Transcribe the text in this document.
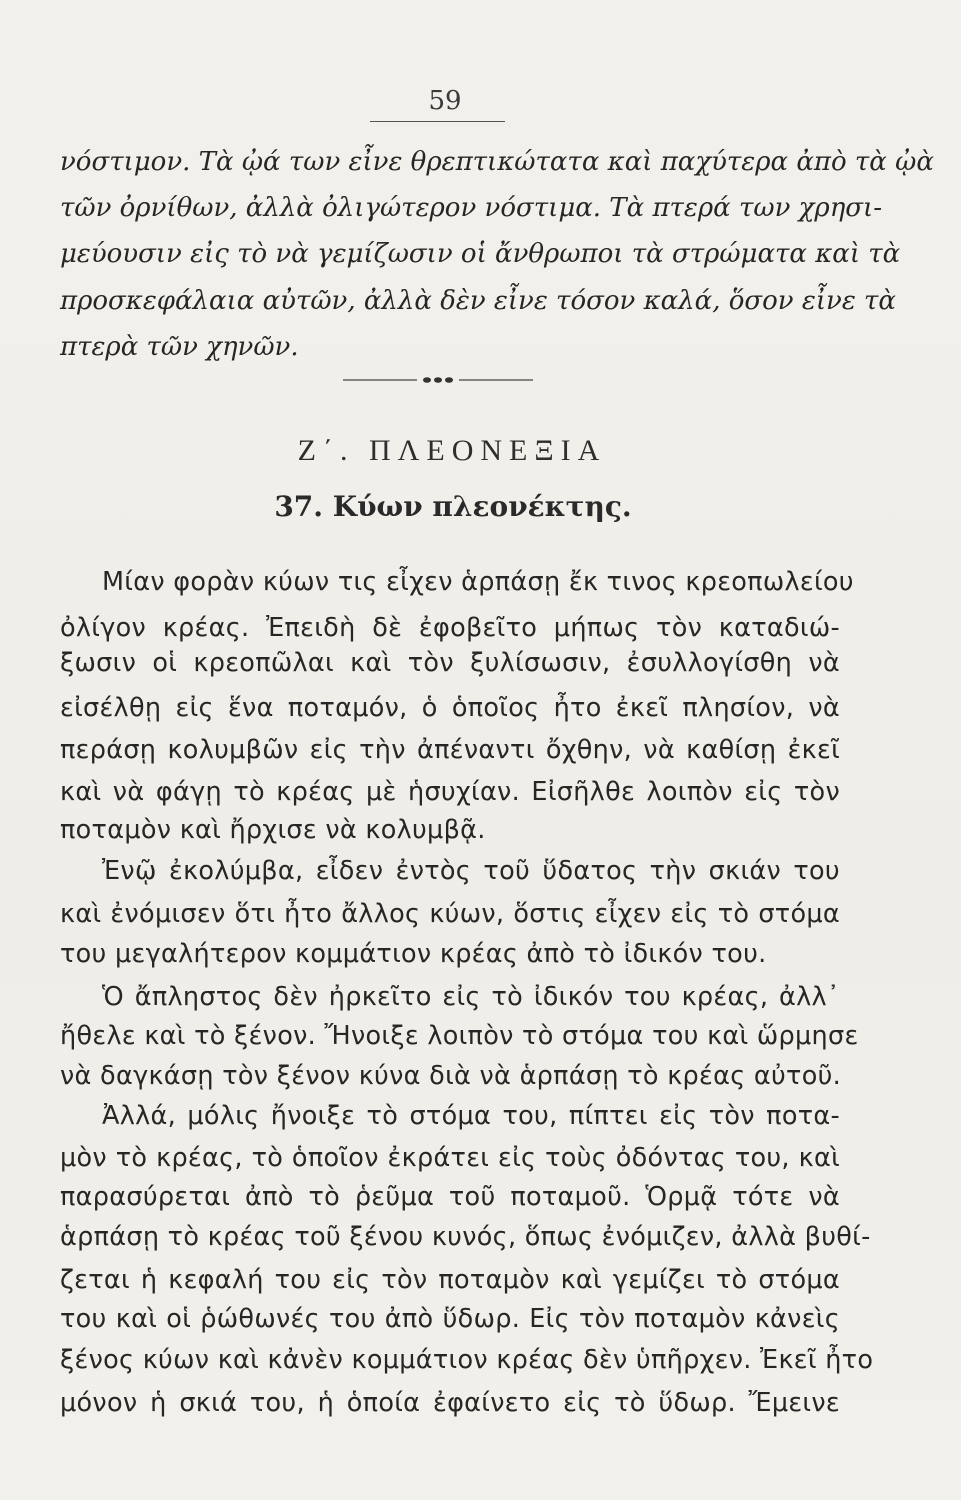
59
νόστιμον. Τὰ ᾠά των εἶνε θρεπτικώτατα καὶ παχύτερα ἀπὸ τὰ ᾠὰ
τῶν ὀρνίθων, ἀλλὰ ὀλιγώτερον νόστιμα. Τὰ πτερά των χρησι-
μεύουσιν εἰς τὸ νὰ γεμίζωσιν οἱ ἄνθρωποι τὰ στρώματα καὶ τὰ
προσκεφάλαια αὐτῶν, ἀλλὰ δὲν εἶνε τόσον καλά, ὅσον εἶνε τὰ
πτερὰ τῶν χηνῶν.
Ζ΄. ΠΛΕΟΝΕΞΙΑ
37. Κύων πλεονέκτης.
Μίαν φορὰν κύων τις εἶχεν ἁρπάσῃ ἔκ τινος κρεοπωλείου
ὀλίγον κρέας. Ἐπειδὴ δὲ ἐφοβεῖτο μήπως τὸν καταδιώ-
ξωσιν οἱ κρεοπῶλαι καὶ τὸν ξυλίσωσιν, ἐσυλλογίσθη νὰ
εἰσέλθῃ εἰς ἕνα ποταμόν, ὁ ὁποῖος ἦτο ἐκεῖ πλησίον, νὰ
περάσῃ κολυμβῶν εἰς τὴν ἀπέναντι ὄχθην, νὰ καθίσῃ ἐκεῖ
καὶ νὰ φάγῃ τὸ κρέας μὲ ἡσυχίαν. Εἰσῆλθε λοιπὸν εἰς τὸν
ποταμὸν καὶ ἤρχισε νὰ κολυμβᾷ.
Ἐνῷ ἐκολύμβα, εἶδεν ἐντὸς τοῦ ὕδατος τὴν σκιάν του
καὶ ἐνόμισεν ὅτι ἦτο ἄλλος κύων, ὅστις εἶχεν εἰς τὸ στόμα
του μεγαλήτερον κομμάτιον κρέας ἀπὸ τὸ ἰδικόν του.
Ὁ ἄπληστος δὲν ἠρκεῖτο εἰς τὸ ἰδικόν του κρέας, ἀλλ᾽
ἤθελε καὶ τὸ ξένον. Ἤνοιξε λοιπὸν τὸ στόμα του καὶ ὥρμησε
νὰ δαγκάσῃ τὸν ξένον κύνα διὰ νὰ ἁρπάσῃ τὸ κρέας αὐτοῦ.
Ἀλλά, μόλις ἤνοιξε τὸ στόμα του, πίπτει εἰς τὸν ποτα-
μὸν τὸ κρέας, τὸ ὁποῖον ἐκράτει εἰς τοὺς ὀδόντας του, καὶ
παρασύρεται ἀπὸ τὸ ῥεῦμα τοῦ ποταμοῦ. Ὁρμᾷ τότε νὰ
ἁρπάσῃ τὸ κρέας τοῦ ξένου κυνός, ὅπως ἐνόμιζεν, ἀλλὰ βυθί-
ζεται ἡ κεφαλή του εἰς τὸν ποταμὸν καὶ γεμίζει τὸ στόμα
του καὶ οἱ ῥώθωνές του ἀπὸ ὕδωρ. Εἰς τὸν ποταμὸν κἀνεὶς
ξένος κύων καὶ κἀνὲν κομμάτιον κρέας δὲν ὑπῆρχεν. Ἐκεῖ ἦτο
μόνον ἡ σκιά του, ἡ ὁποία ἐφαίνετο εἰς τὸ ὕδωρ. Ἔμεινε
